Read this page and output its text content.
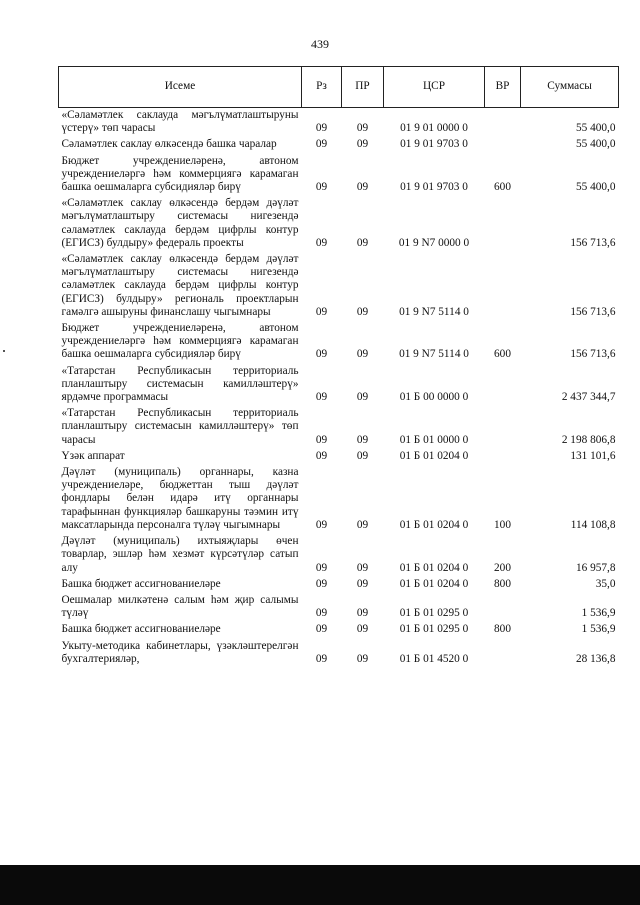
439
Исеме	Рз	ПР	ЦСР	ВР	Суммасы
«Сәламәтлек саклауда мәгълүматлаштыруны үстерү» төп чарасы	09	09	01 9 01 0000 0		55 400,0
Сәламәтлек саклау өлкәсендә башка чаралар	09	09	01 9 01 9703 0		55 400,0
Бюджет учреждениеләренә, автоном учреждениеләргә һәм коммерциягә карамаган башка оешмаларга субсидияләр бирү	09	09	01 9 01 9703 0	600	55 400,0
«Сәламәтлек саклау өлкәсендә бердәм дәүләт мәгълүматлаштыру системасы нигезендә сәламәтлек саклауда бердәм цифрлы контур (ЕГИСЗ) булдыру» федераль проекты	09	09	01 9 N7 0000 0		156 713,6
«Сәламәтлек саклау өлкәсендә бердәм дәүләт мәгълүматлаштыру системасы нигезендә сәламәтлек саклауда бердәм цифрлы контур (ЕГИСЗ) булдыру» региональ проектларын гамәлгә ашыруны финанслашу чыгымнары	09	09	01 9 N7 5114 0		156 713,6
Бюджет учреждениеләренә, автоном учреждениеләргә һәм коммерциягә карамаган башка оешмаларга субсидияләр бирү	09	09	01 9 N7 5114 0	600	156 713,6
«Татарстан Республикасын территориаль планлаштыру системасын камилләштерү» ярдәмче программасы	09	09	01 Б 00 0000 0		2 437 344,7
«Татарстан Республикасын территориаль планлаштыру системасын камилләштерү» төп чарасы	09	09	01 Б 01 0000 0		2 198 806,8
Үзәк аппарат	09	09	01 Б 01 0204 0		131 101,6
Дәүләт (муниципаль) органнары, казна учреждениеләре, бюджеттан тыш дәүләт фондлары белән идарә итү органнары тарафыннан функцияләр башкаруны тәэмин итү максатларында персоналга түләү чыгымнары	09	09	01 Б 01 0204 0	100	114 108,8
Дәүләт (муниципаль) ихтыяҗлары өчен товарлар, эшләр һәм хезмәт күрсәтүләр сатып алу	09	09	01 Б 01 0204 0	200	16 957,8
Башка бюджет ассигнованиеләре	09	09	01 Б 01 0204 0	800	35,0
Оешмалар милкәтенә салым һәм җир салымы түләү	09	09	01 Б 01 0295 0		1 536,9
Башка бюджет ассигнованиеләре	09	09	01 Б 01 0295 0	800	1 536,9
Укыту-методика кабинетлары, үзәкләштерелгән бухгалтерияләр,	09	09	01 Б 01 4520 0		28 136,8
